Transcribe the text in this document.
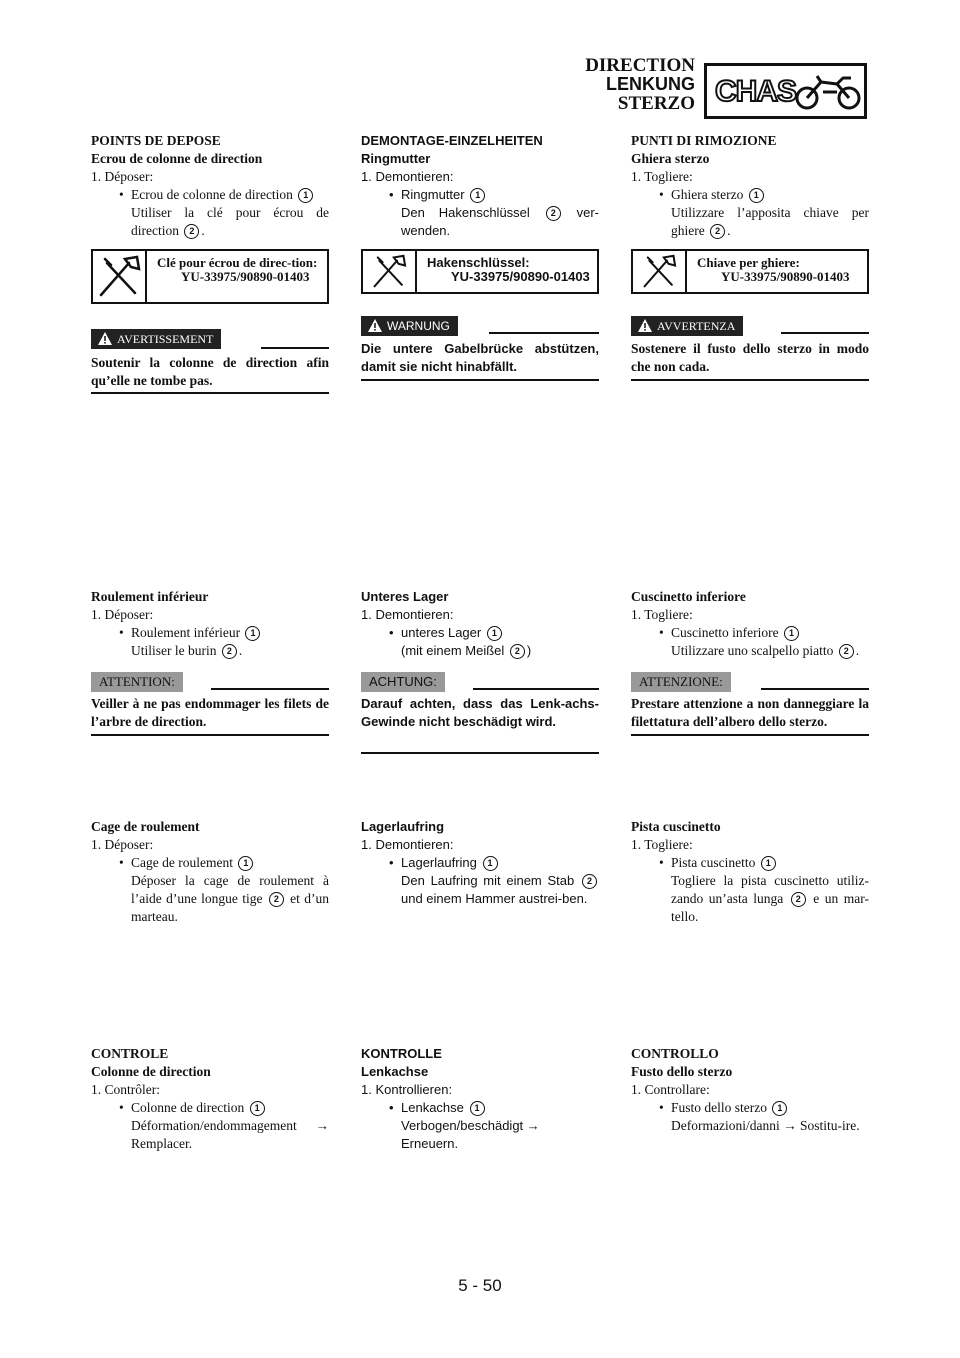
DIRECTION
LENKUNG
STERZO CHAS
POINTS DE DEPOSE
Ecrou de colonne de direction
1. Déposer:
• Ecrou de colonne de direction 1
Utiliser la clé pour écrou de direction 2 .
Clé pour écrou de direc-tion:
YU-33975/90890-01403
AVERTISSEMENT
Soutenir la colonne de direction afin qu’elle ne tombe pas.
Roulement inférieur
1. Déposer:
• Roulement inférieur 1
Utiliser le burin 2 .
ATTENTION:
Veiller à ne pas endommager les filets de l’arbre de direction.
Cage de roulement
1. Déposer:
• Cage de roulement 1
Déposer la cage de roulement à l’aide d’une longue tige 2 et d’un marteau.
CONTROLE
Colonne de direction
1. Contrôler:
• Colonne de direction 1
Déformation/endommagement → Remplacer.
DEMONTAGE-EINZELHEITEN
Ringmutter
1. Demontieren:
• Ringmutter 1
Den Hakenschlüssel 2 ver-wenden.
Hakenschlüssel:
YU-33975/90890-01403
WARNUNG
Die untere Gabelbrücke abstützen, damit sie nicht hinabfällt.
Unteres Lager
1. Demontieren:
• unteres Lager 1
(mit einem Meißel 2 )
ACHTUNG:
Darauf achten, dass das Lenk-achs-Gewinde nicht beschädigt wird.
Lagerlaufring
1. Demontieren:
• Lagerlaufring 1
Den Laufring mit einem Stab 2 und einem Hammer austrei-ben.
KONTROLLE
Lenkachse
1. Kontrollieren:
• Lenkachse 1
Verbogen/beschädigt → Erneuern.
PUNTI DI RIMOZIONE
Ghiera sterzo
1. Togliere:
• Ghiera sterzo 1
Utilizzare l’apposita chiave per ghiere 2 .
Chiave per ghiere:
YU-33975/90890-01403
AVVERTENZA
Sostenere il fusto dello sterzo in modo che non cada.
Cuscinetto inferiore
1. Togliere:
• Cuscinetto inferiore 1
Utilizzare uno scalpello piatto 2 .
ATTENZIONE:
Prestare attenzione a non danneggiare la filettatura dell’albero dello sterzo.
Pista cuscinetto
1. Togliere:
• Pista cuscinetto 1
Togliere la pista cuscinetto utiliz-zando un’asta lunga 2 e un mar-tello.
CONTROLLO
Fusto dello sterzo
1. Controllare:
• Fusto dello sterzo 1
Deformazioni/danni → Sostitu-ire.
5 - 50
